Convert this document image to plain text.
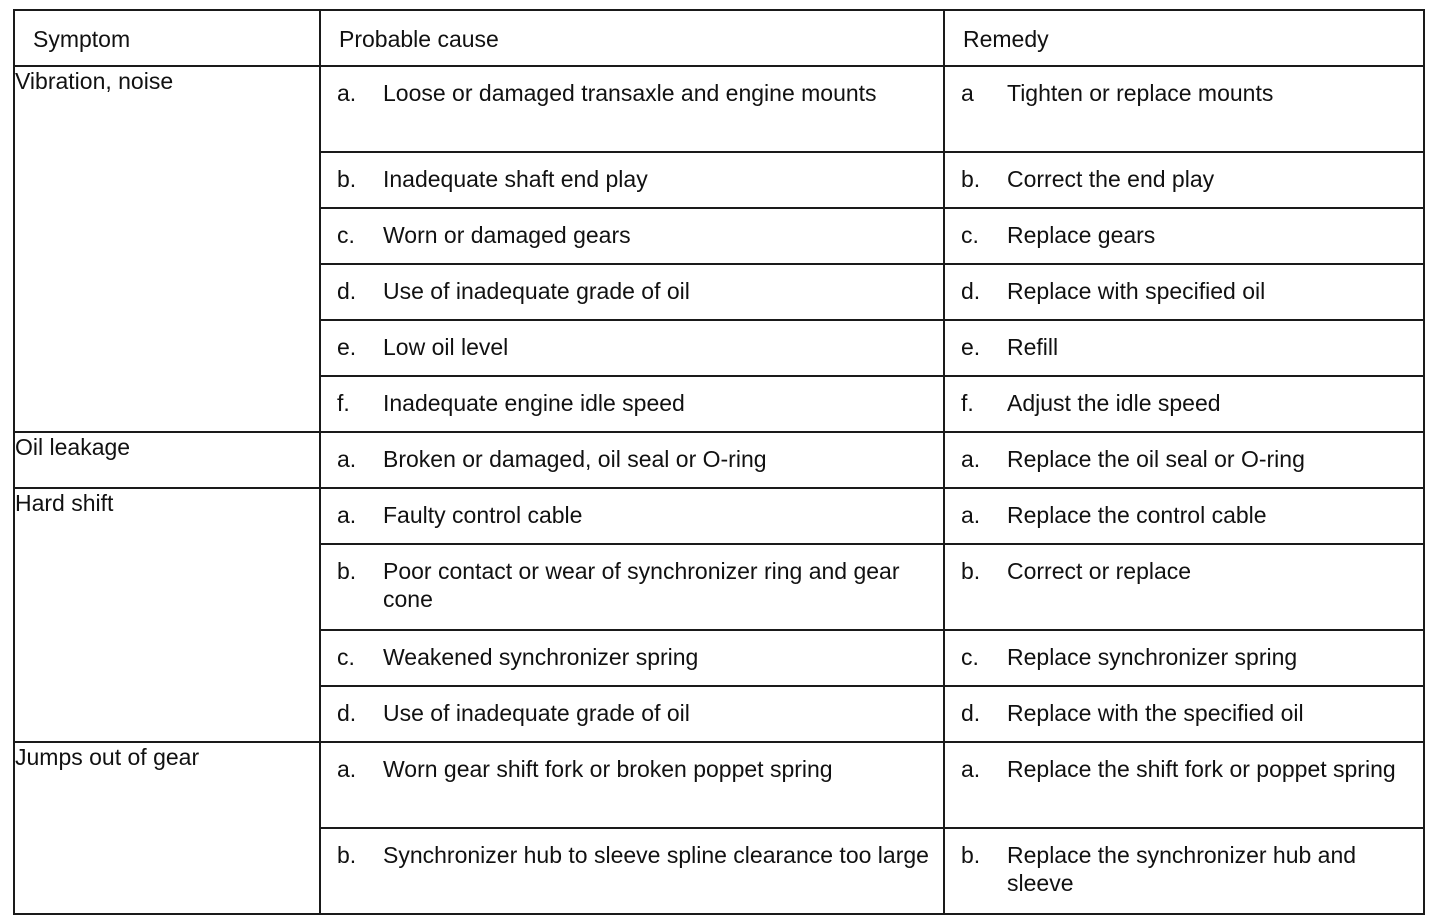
Symptom	Probable cause	Remedy

Vibration, noise	a. Loose or damaged transaxle and engine mounts	a Tighten or replace mounts

	b. Inadequate shaft end play	b. Correct the end play

	c. Worn or damaged gears	c. Replace gears

	d. Use of inadequate grade of oil	d. Replace with specified oil

	e. Low oil level	e. Refill

	f. Inadequate engine idle speed	f. Adjust the idle speed

Oil leakage	a. Broken or damaged, oil seal or O-ring	a. Replace the oil seal or O-ring

Hard shift	a. Faulty control cable	a. Replace the control cable

	b. Poor contact or wear of synchronizer ring and gear cone	b. Correct or replace

	c. Weakened synchronizer spring	c. Replace synchronizer spring

	d. Use of inadequate grade of oil	d. Replace with the specified oil

Jumps out of gear	a. Worn gear shift fork or broken poppet spring	a. Replace the shift fork or poppet spring

	b. Synchronizer hub to sleeve spline clearance too large	b. Replace the synchronizer hub and sleeve
